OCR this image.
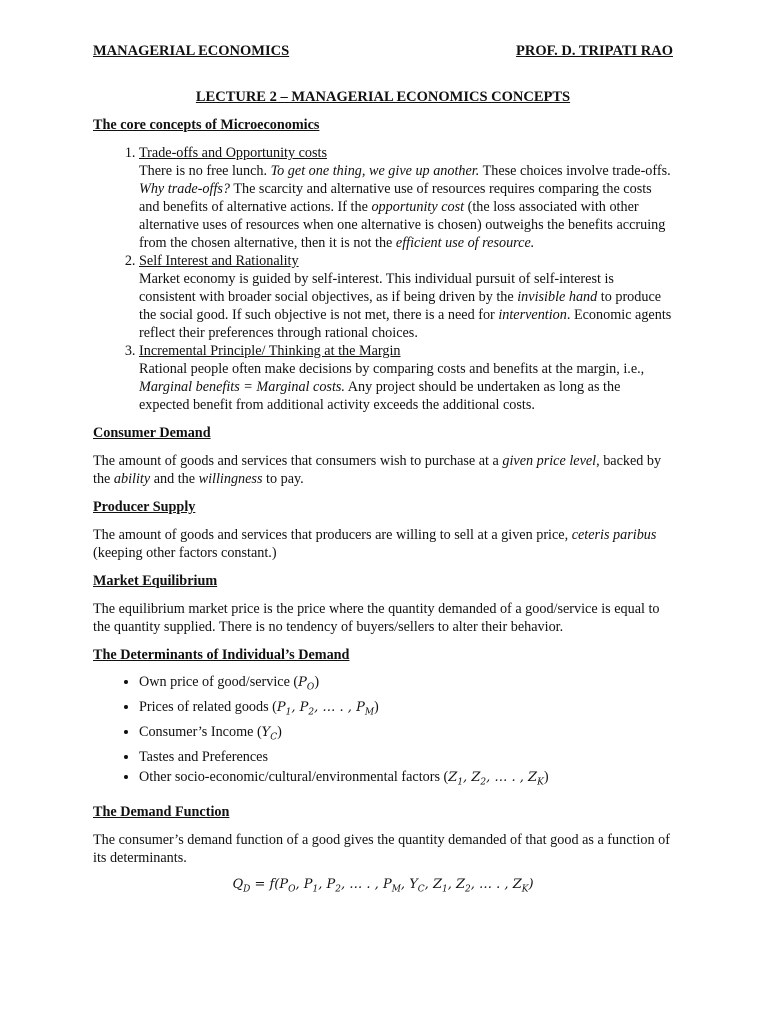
MANAGERIAL ECONOMICS	PROF. D. TRIPATI RAO
LECTURE 2 – MANAGERIAL ECONOMICS CONCEPTS
The core concepts of Microeconomics
1. Trade-offs and Opportunity costs
There is no free lunch. To get one thing, we give up another. These choices involve trade-offs.
Why trade-offs? The scarcity and alternative use of resources requires comparing the costs and benefits of alternative actions. If the opportunity cost (the loss associated with other alternative uses of resources when one alternative is chosen) outweighs the benefits accruing from the chosen alternative, then it is not the efficient use of resource.
2. Self Interest and Rationality
Market economy is guided by self-interest. This individual pursuit of self-interest is consistent with broader social objectives, as if being driven by the invisible hand to produce the social good. If such objective is not met, there is a need for intervention. Economic agents reflect their preferences through rational choices.
3. Incremental Principle/ Thinking at the Margin
Rational people often make decisions by comparing costs and benefits at the margin, i.e., Marginal benefits = Marginal costs. Any project should be undertaken as long as the expected benefit from additional activity exceeds the additional costs.
Consumer Demand
The amount of goods and services that consumers wish to purchase at a given price level, backed by the ability and the willingness to pay.
Producer Supply
The amount of goods and services that producers are willing to sell at a given price, ceteris paribus (keeping other factors constant.)
Market Equilibrium
The equilibrium market price is the price where the quantity demanded of a good/service is equal to the quantity supplied. There is no tendency of buyers/sellers to alter their behavior.
The Determinants of Individual’s Demand
• Own price of good/service $(P_O)$
• Prices of related goods ($P_1$, $P_2$, … . , $P_M$)
• Consumer’s Income $(Y_C)$
• Tastes and Preferences
• Other socio-economic/cultural/environmental factors ($Z_1$, $Z_2$, … . , $Z_K$)
The Demand Function
The consumer’s demand function of a good gives the quantity demanded of that good as a function of its determinants.
$Q_D = f(P_O$, $P_1$, $P_2$, … . , $P_M$, $Y_C$, $Z_1$, $Z_2$, … . , $Z_K$)
